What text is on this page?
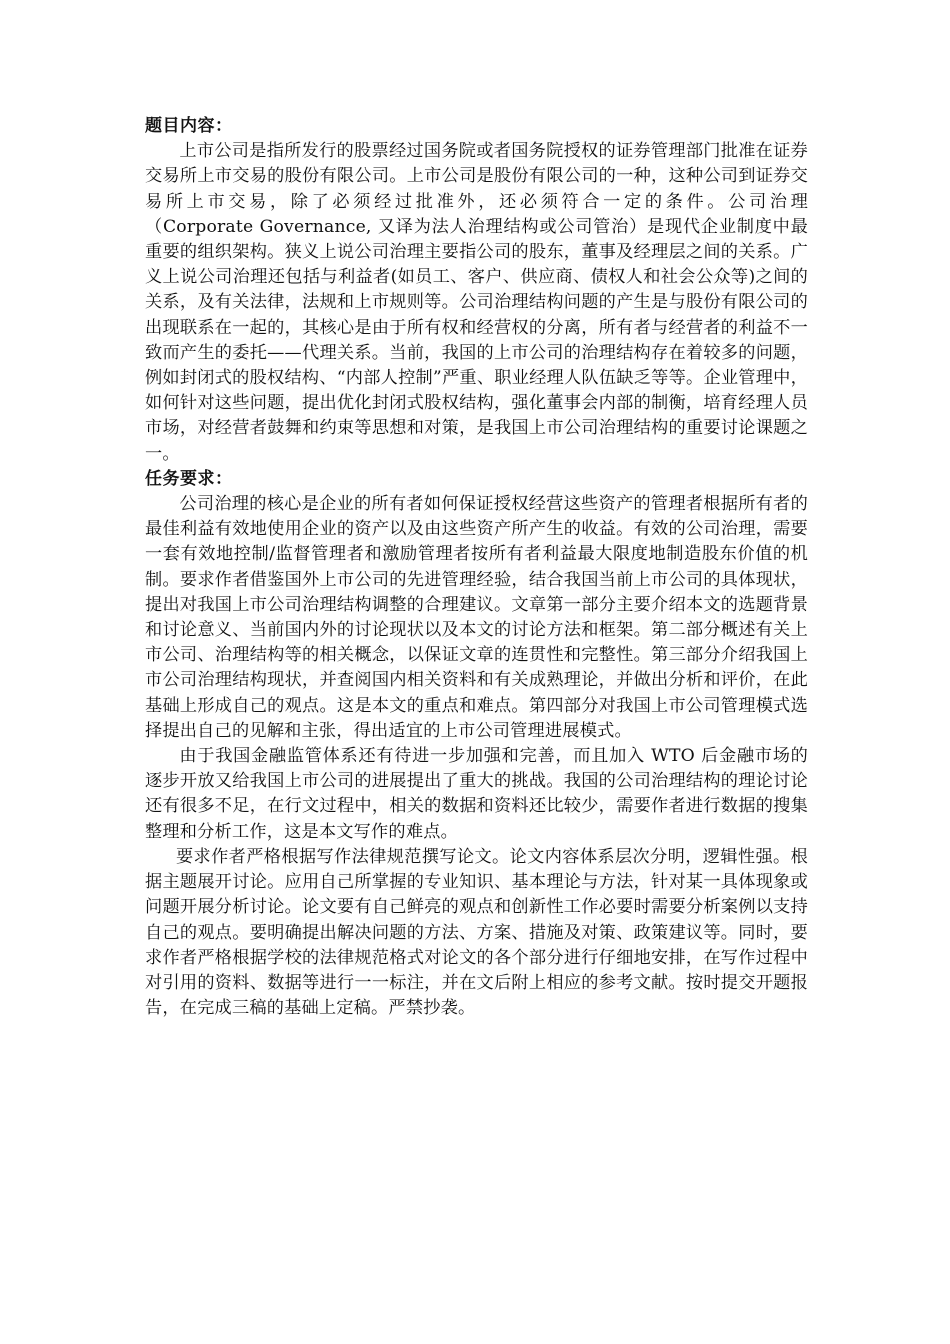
题目内容：

上市公司是指所发行的股票经过国务院或者国务院授权的证券管理部门批准在证券交易所上市交易的股份有限公司。上市公司是股份有限公司的一种，这种公司到证券交易所上市交易，除了必须经过批准外，还必须符合一定的条件。公司治理（Corporate Governance, 又译为法人治理结构或公司管治）是现代企业制度中最重要的组织架构。狭义上说公司治理主要指公司的股东，董事及经理层之间的关系。广义上说公司治理还包括与利益者(如员工、客户、供应商、债权人和社会公众等)之间的关系，及有关法律，法规和上市规则等。公司治理结构问题的产生是与股份有限公司的出现联系在一起的，其核心是由于所有权和经营权的分离，所有者与经营者的利益不一致而产生的委托——代理关系。当前，我国的上市公司的治理结构存在着较多的问题，例如封闭式的股权结构、“内部人控制”严重、职业经理人队伍缺乏等等。企业管理中，如何针对这些问题，提出优化封闭式股权结构，强化董事会内部的制衡，培育经理人员市场，对经营者鼓舞和约束等思想和对策，是我国上市公司治理结构的重要讨论课题之一。

任务要求：

公司治理的核心是企业的所有者如何保证授权经营这些资产的管理者根据所有者的最佳利益有效地使用企业的资产以及由这些资产所产生的收益。有效的公司治理，需要一套有效地控制/监督管理者和激励管理者按所有者利益最大限度地制造股东价值的机制。要求作者借鉴国外上市公司的先进管理经验，结合我国当前上市公司的具体现状，提出对我国上市公司治理结构调整的合理建议。文章第一部分主要介绍本文的选题背景和讨论意义、当前国内外的讨论现状以及本文的讨论方法和框架。第二部分概述有关上市公司、治理结构等的相关概念，以保证文章的连贯性和完整性。第三部分介绍我国上市公司治理结构现状，并查阅国内相关资料和有关成熟理论，并做出分析和评价，在此基础上形成自己的观点。这是本文的重点和难点。第四部分对我国上市公司管理模式选择提出自己的见解和主张，得出适宜的上市公司管理进展模式。

由于我国金融监管体系还有待进一步加强和完善，而且加入 WTO 后金融市场的逐步开放又给我国上市公司的进展提出了重大的挑战。我国的公司治理结构的理论讨论还有很多不足，在行文过程中，相关的数据和资料还比较少，需要作者进行数据的搜集整理和分析工作，这是本文写作的难点。

要求作者严格根据写作法律规范撰写论文。论文内容体系层次分明，逻辑性强。根据主题展开讨论。应用自己所掌握的专业知识、基本理论与方法，针对某一具体现象或问题开展分析讨论。论文要有自己鲜亮的观点和创新性工作必要时需要分析案例以支持自己的观点。要明确提出解决问题的方法、方案、措施及对策、政策建议等。同时，要求作者严格根据学校的法律规范格式对论文的各个部分进行仔细地安排，在写作过程中对引用的资料、数据等进行一一标注，并在文后附上相应的参考文献。按时提交开题报告，在完成三稿的基础上定稿。严禁抄袭。
